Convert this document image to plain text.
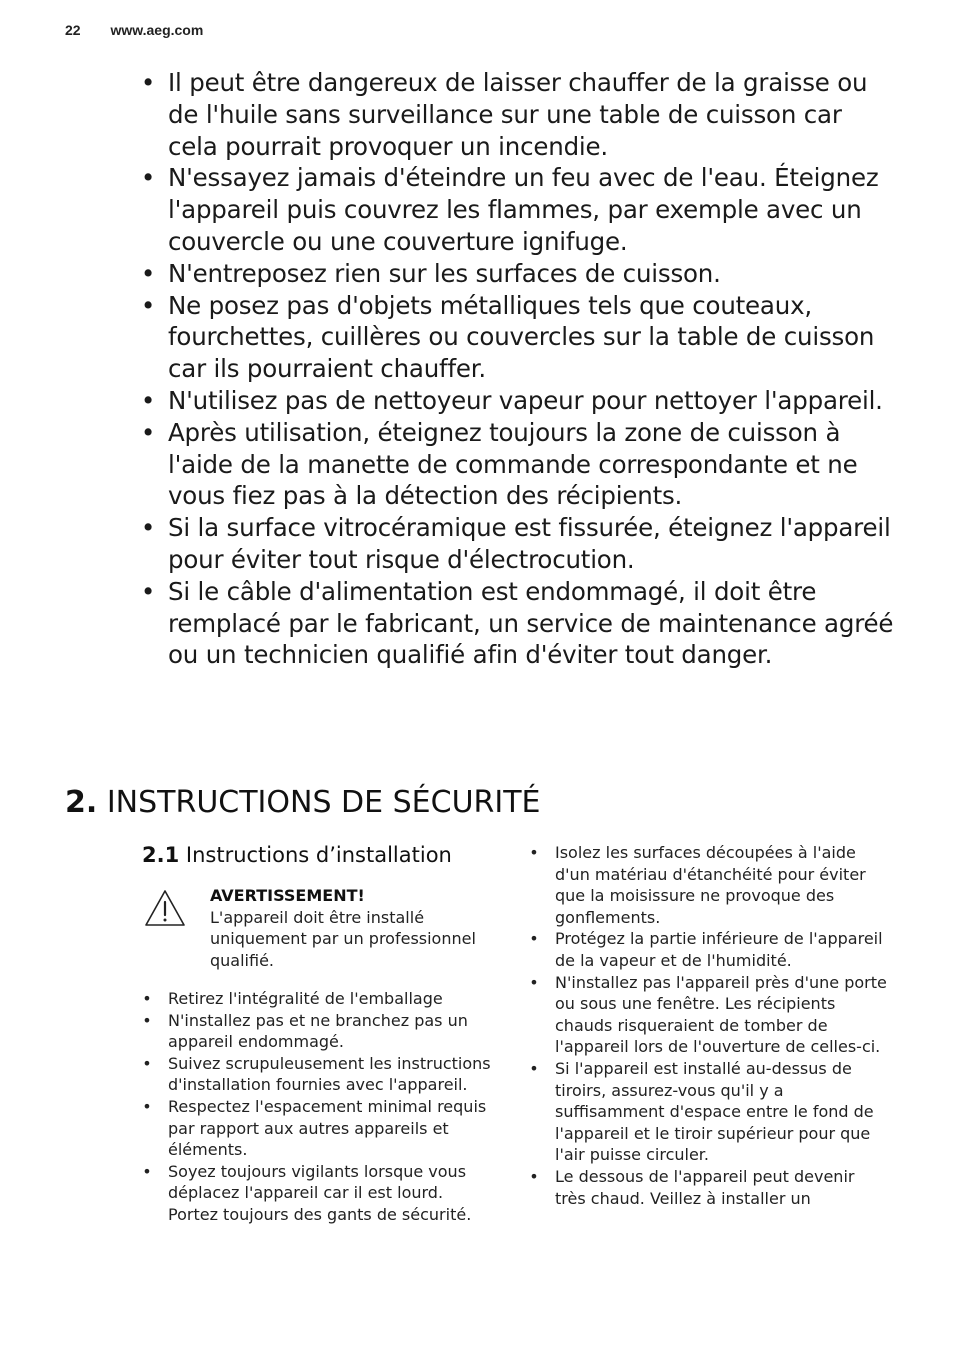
22 www.aeg.com
• Il peut être dangereux de laisser chauffer de la graisse ou de l'huile sans surveillance sur une table de cuisson car cela pourrait provoquer un incendie.
• N'essayez jamais d'éteindre un feu avec de l'eau. Éteignez l'appareil puis couvrez les flammes, par exemple avec un couvercle ou une couverture ignifuge.
• N'entreposez rien sur les surfaces de cuisson.
• Ne posez pas d'objets métalliques tels que couteaux, fourchettes, cuillères ou couvercles sur la table de cuisson car ils pourraient chauffer.
• N'utilisez pas de nettoyeur vapeur pour nettoyer l'appareil.
• Après utilisation, éteignez toujours la zone de cuisson à l'aide de la manette de commande correspondante et ne vous fiez pas à la détection des récipients.
• Si la surface vitrocéramique est fissurée, éteignez l'appareil pour éviter tout risque d'électrocution.
• Si le câble d'alimentation est endommagé, il doit être remplacé par le fabricant, un service de maintenance agréé ou un technicien qualifié afin d'éviter tout danger.
2. INSTRUCTIONS DE SÉCURITÉ
2.1 Instructions d’installation
AVERTISSEMENT!
L'appareil doit être installé uniquement par un professionnel qualifié.
• Retirez l'intégralité de l'emballage
• N'installez pas et ne branchez pas un appareil endommagé.
• Suivez scrupuleusement les instructions d'installation fournies avec l'appareil.
• Respectez l'espacement minimal requis par rapport aux autres appareils et éléments.
• Soyez toujours vigilants lorsque vous déplacez l'appareil car il est lourd. Portez toujours des gants de sécurité.
• Isolez les surfaces découpées à l'aide d'un matériau d'étanchéité pour éviter que la moisissure ne provoque des gonflements.
• Protégez la partie inférieure de l'appareil de la vapeur et de l'humidité.
• N'installez pas l'appareil près d'une porte ou sous une fenêtre. Les récipients chauds risqueraient de tomber de l'appareil lors de l'ouverture de celles-ci.
• Si l'appareil est installé au-dessus de tiroirs, assurez-vous qu'il y a suffisamment d'espace entre le fond de l'appareil et le tiroir supérieur pour que l'air puisse circuler.
• Le dessous de l'appareil peut devenir très chaud. Veillez à installer un
